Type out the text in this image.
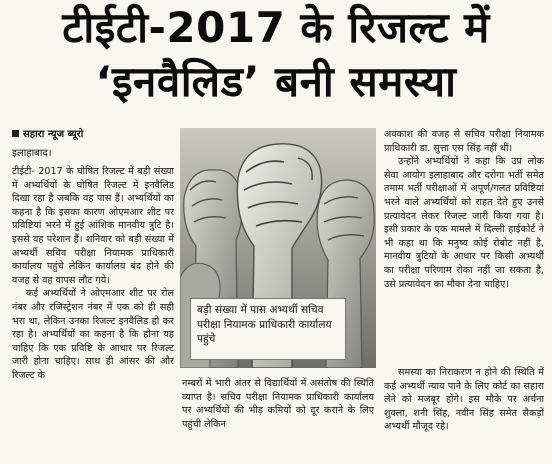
टीईटी-2017 के रिजल्ट में
‘इनवैलिड’ बनी समस्या
सहारा न्यूज ब्यूरो
इलाहाबाद।

टीईटी- 2017 के घोषित रिजल्ट में बड़ी संख्या में अभ्यर्थियों के घोषित रिजल्ट में इनवैलिड दिखा रहा है जबकि वह पास हैं। अभ्यर्थियों का कहना है कि इसका कारण ओएमआर शीट पर प्रविष्टियां भरने में हुई आंशिक मानवीय त्रुटि है। इससे वह परेशान हैं। शनिवार को बड़ी संख्या में अभ्यर्थी सचिव परीक्षा नियामक प्राधिकारी कार्यालय पहुंचे लेकिन कार्यालय बंद होने की वजह से वह वापस लौट गये।

कई अभ्यर्थियों ने ओएमआर शीट पर रोल नंबर और रजिस्ट्रेशन नंबर में एक को ही सही भरा था, लेकिन उनका रिजल्ट इनवैलिड हो कर रहा है। अभ्यर्थियों का कहना है कि होना यह चाहिए कि एक प्रविष्टि के आधार पर रिजल्ट जारी होना चाहिए। साथ ही आंसर की और रिजल्ट के

बड़ी संख्या में पास अभ्यर्थी सचिव परीक्षा नियामक प्राधिकारी कार्यालय पहुंचे

नम्बरों में भारी अंतर से विद्यार्थियों में असंतोष की स्थिति व्याप्त है। सचिव परीक्षा नियामक प्राधिकारी कार्यालय पर अभ्यर्थियों की भीड़ कमियों को दूर कराने के लिए पहुंची लेकिन

अवकाश की वजह से सचिव परीक्षा नियामक प्राधिकारी डा. सुत्ता एस सिंह नहीं थीं।

उन्होंने अभ्यर्थियों ने कहा कि उप्र लोक सेवा आयोग इलाहाबाद और दरोगा भर्ती समेत तमाम भर्ती परीक्षाओं में अपूर्ण/गलत प्रविष्टियां भरने वाले अभ्यर्थियों को राहत देते हुए उनसे प्रत्यावेदन लेकर रिजल्ट जारी किया गया है। इसी प्रकार के एक मामले में दिल्ली हाईकोर्ट ने भी कहा था कि मनुष्य कोई रोबोट नहीं है, मानवीय त्रुटियों के आधार पर किसी अभ्यर्थी का परीक्षा परिणाम रोका नहीं जा सकता है, उसे प्रत्यावेदन का मौका देना चाहिए।

समस्या का निराकरण न होने की स्थिति में कई अभ्यर्थी न्याय पाने के लिए कोर्ट का सहारा लेने को मजबूर होंगे। इस मौके पर अर्चना शुक्ला, शनी सिंह, नवीन सिंह समेत सैकड़ों अभ्यर्थी मौजूद रहे।
